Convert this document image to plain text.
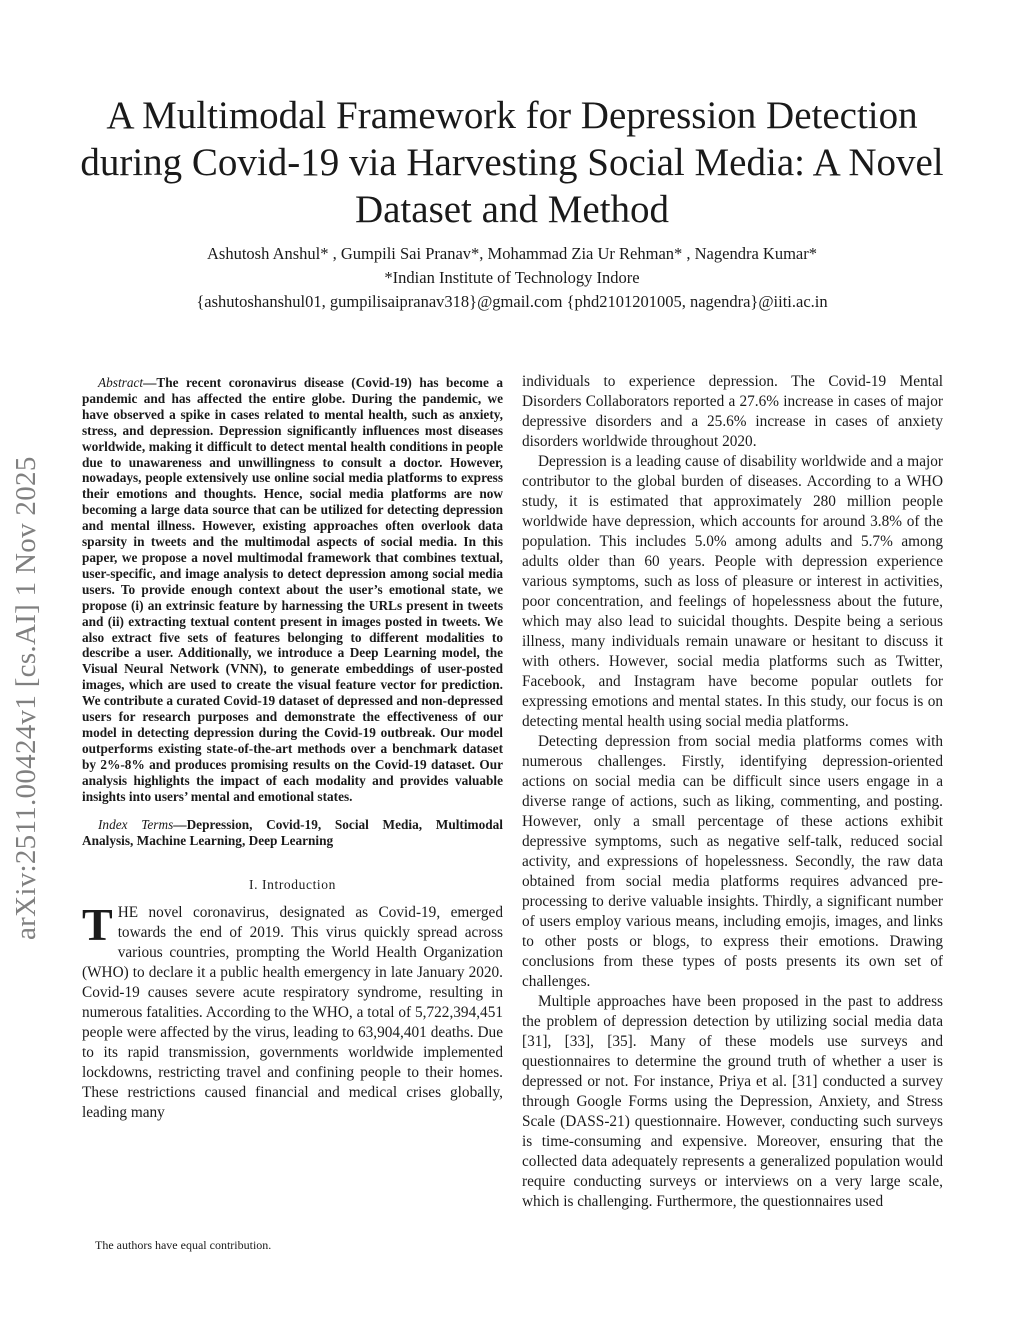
A Multimodal Framework for Depression Detection during Covid-19 via Harvesting Social Media: A Novel Dataset and Method
Ashutosh Anshul* , Gumpili Sai Pranav*, Mohammad Zia Ur Rehman* , Nagendra Kumar*
*Indian Institute of Technology Indore
{ashutoshanshul01, gumpilisaipranav318}@gmail.com {phd2101201005, nagendra}@iiti.ac.in
arXiv:2511.00424v1 [cs.AI] 1 Nov 2025

Abstract—The recent coronavirus disease (Covid-19) has become a pandemic and has affected the entire globe. During the pandemic, we have observed a spike in cases related to mental health, such as anxiety, stress, and depression. Depression significantly influences most diseases worldwide, making it difficult to detect mental health conditions in people due to unawareness and unwillingness to consult a doctor. However, nowadays, people extensively use online social media platforms to express their emotions and thoughts. Hence, social media platforms are now becoming a large data source that can be utilized for detecting depression and mental illness. However, existing approaches often overlook data sparsity in tweets and the multimodal aspects of social media. In this paper, we propose a novel multimodal framework that combines textual, user-specific, and image analysis to detect depression among social media users. To provide enough context about the user’s emotional state, we propose (i) an extrinsic feature by harnessing the URLs present in tweets and (ii) extracting textual content present in images posted in tweets. We also extract five sets of features belonging to different modalities to describe a user. Additionally, we introduce a Deep Learning model, the Visual Neural Network (VNN), to generate embeddings of user-posted images, which are used to create the visual feature vector for prediction. We contribute a curated Covid-19 dataset of depressed and non-depressed users for research purposes and demonstrate the effectiveness of our model in detecting depression during the Covid-19 outbreak. Our model outperforms existing state-of-the-art methods over a benchmark dataset by 2%-8% and produces promising results on the Covid-19 dataset. Our analysis highlights the impact of each modality and provides valuable insights into users’ mental and emotional states.

Index Terms—Depression, Covid-19, Social Media, Multimodal Analysis, Machine Learning, Deep Learning

I. Introduction

THE novel coronavirus, designated as Covid-19, emerged towards the end of 2019. This virus quickly spread across various countries, prompting the World Health Organization (WHO) to declare it a public health emergency in late January 2020. Covid-19 causes severe acute respiratory syndrome, resulting in numerous fatalities. According to the WHO, a total of 5,722,394,451 people were affected by the virus, leading to 63,904,401 deaths. Due to its rapid transmission, governments worldwide implemented lockdowns, restricting travel and confining people to their homes. These restrictions caused financial and medical crises globally, leading many

individuals to experience depression. The Covid-19 Mental Disorders Collaborators reported a 27.6% increase in cases of major depressive disorders and a 25.6% increase in cases of anxiety disorders worldwide throughout 2020.

Depression is a leading cause of disability worldwide and a major contributor to the global burden of diseases. According to a WHO study, it is estimated that approximately 280 million people worldwide have depression, which accounts for around 3.8% of the population. This includes 5.0% among adults and 5.7% among adults older than 60 years. People with depression experience various symptoms, such as loss of pleasure or interest in activities, poor concentration, and feelings of hopelessness about the future, which may also lead to suicidal thoughts. Despite being a serious illness, many individuals remain unaware or hesitant to discuss it with others. However, social media platforms such as Twitter, Facebook, and Instagram have become popular outlets for expressing emotions and mental states. In this study, our focus is on detecting mental health using social media platforms.

Detecting depression from social media platforms comes with numerous challenges. Firstly, identifying depression-oriented actions on social media can be difficult since users engage in a diverse range of actions, such as liking, commenting, and posting. However, only a small percentage of these actions exhibit depressive symptoms, such as negative self-talk, reduced social activity, and expressions of hopelessness. Secondly, the raw data obtained from social media platforms requires advanced pre-processing to derive valuable insights. Thirdly, a significant number of users employ various means, including emojis, images, and links to other posts or blogs, to express their emotions. Drawing conclusions from these types of posts presents its own set of challenges.

Multiple approaches have been proposed in the past to address the problem of depression detection by utilizing social media data [31], [33], [35]. Many of these models use surveys and questionnaires to determine the ground truth of whether a user is depressed or not. For instance, Priya et al. [31] conducted a survey through Google Forms using the Depression, Anxiety, and Stress Scale (DASS-21) questionnaire. However, conducting such surveys is time-consuming and expensive. Moreover, ensuring that the collected data adequately represents a generalized population would require conducting surveys or interviews on a very large scale, which is challenging. Furthermore, the questionnaires used

The authors have equal contribution.
